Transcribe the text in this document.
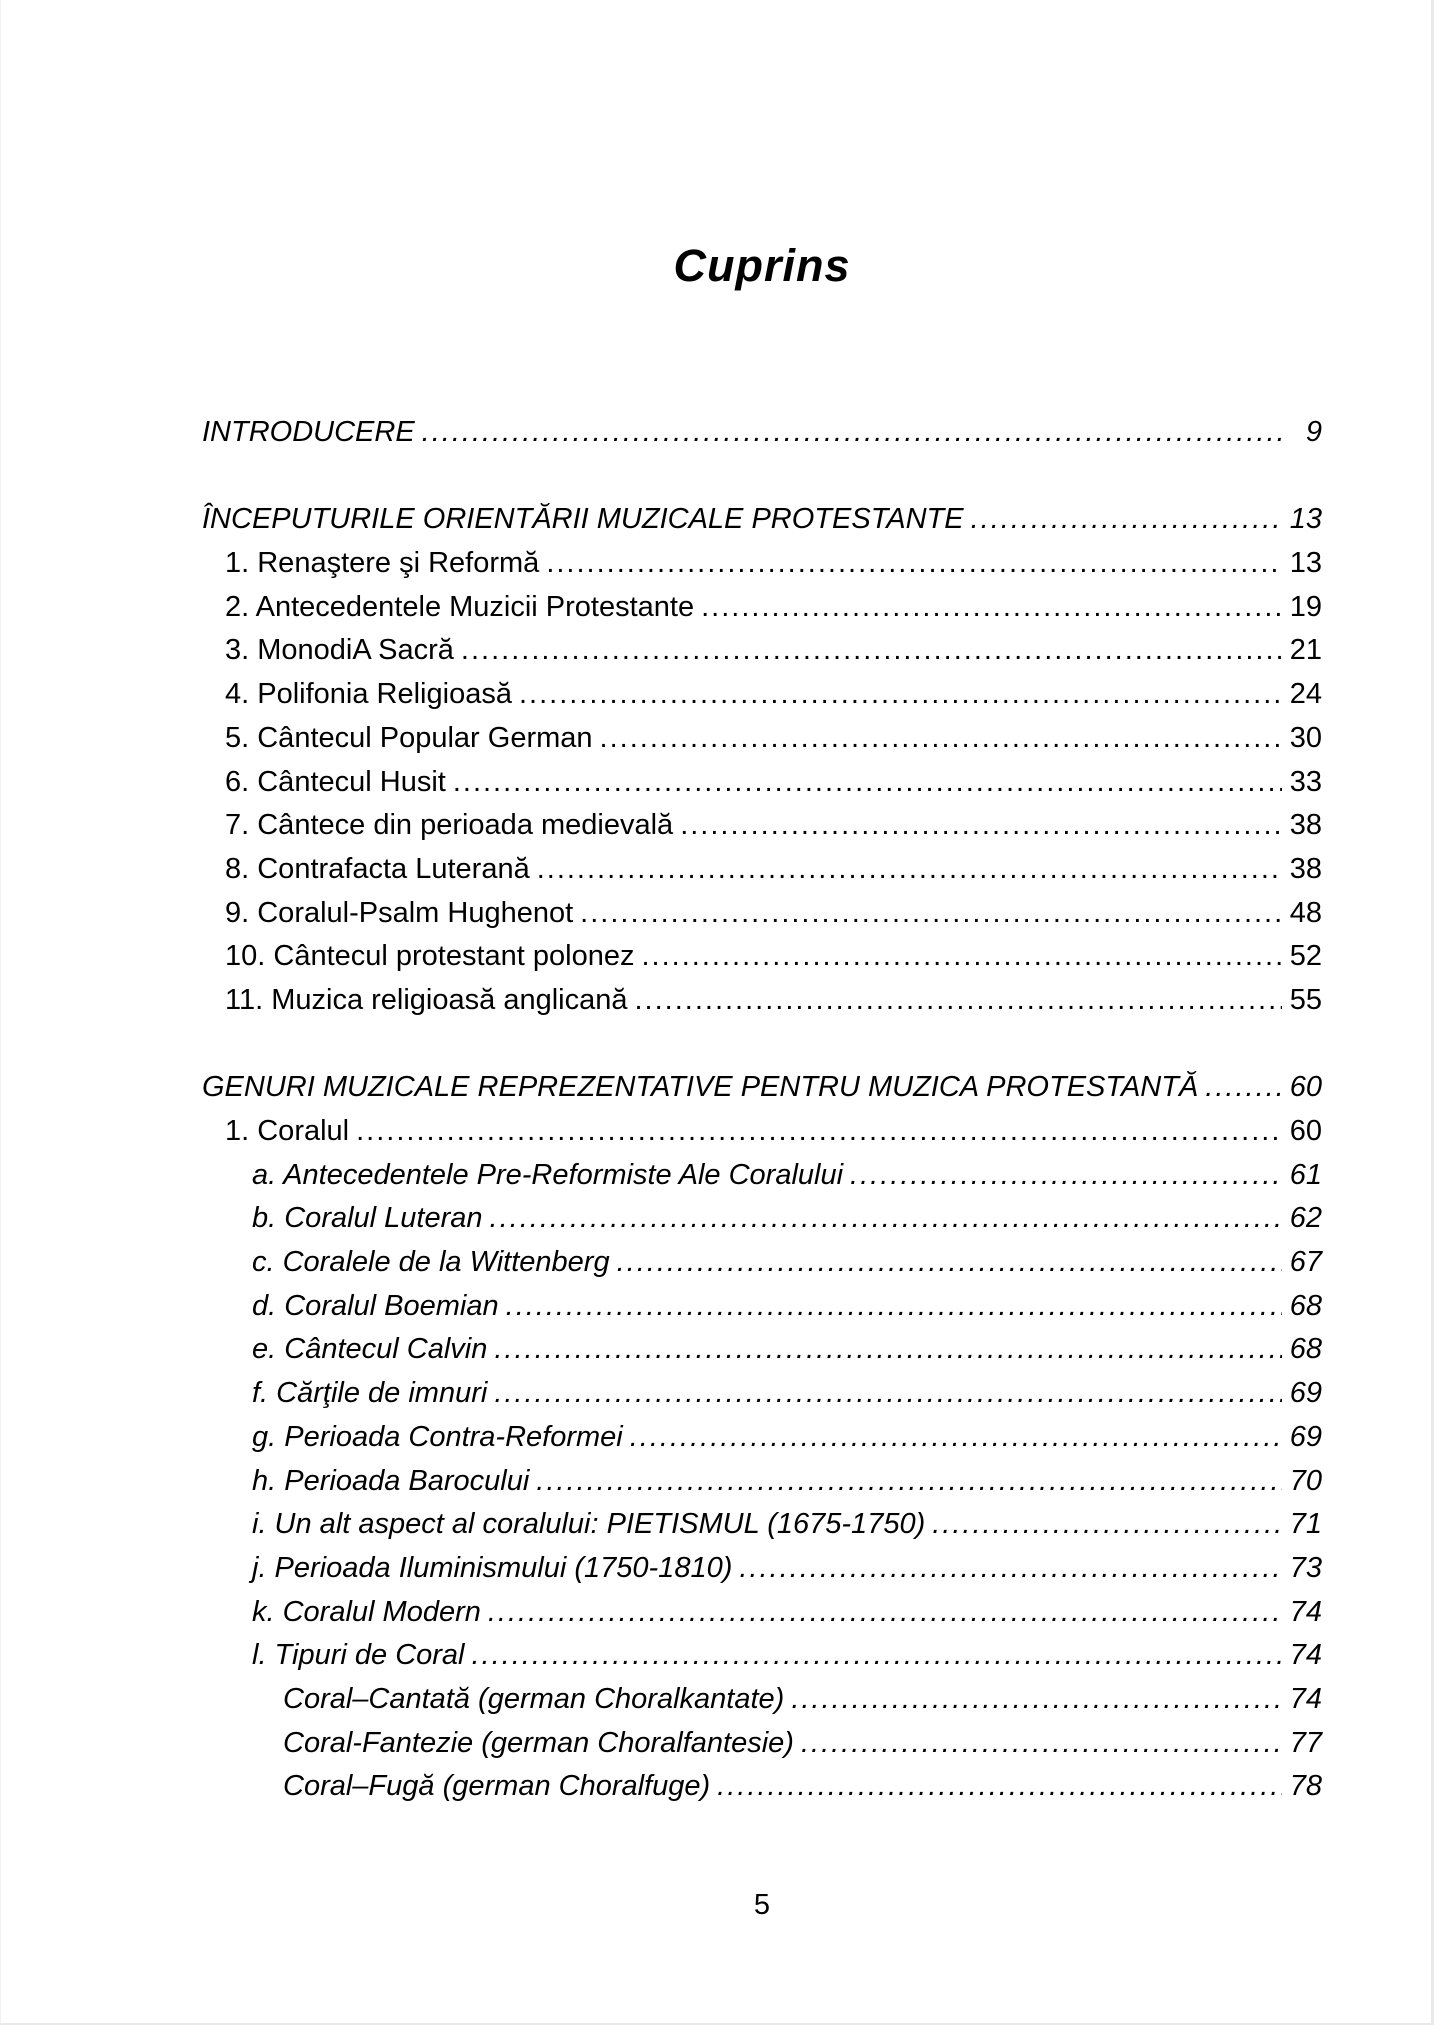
Cuprins
INTRODUCERE .....	9
ÎNCEPUTURILE ORIENTĂRII MUZICALE PROTESTANTE .....	13
1. Renaştere şi Reformă .....	13
2. Antecedentele Muzicii Protestante .....	19
3. MonodiA Sacră .....	21
4. Polifonia Religioasă .....	24
5. Cântecul Popular German .....	30
6. Cântecul Husit .....	33
7. Cântece din perioada medievală .....	38
8. Contrafacta Luterană .....	38
9. Coralul-Psalm Hughenot .....	48
10. Cântecul protestant polonez .....	52
11. Muzica religioasă anglicană .....	55
GENURI MUZICALE REPREZENTATIVE PENTRU MUZICA PROTESTANTĂ .....	60
1. Coralul .....	60
a. Antecedentele Pre-Reformiste Ale Coralului .....	61
b. Coralul Luteran .....	62
c. Coralele de la Wittenberg .....	67
d. Coralul Boemian .....	68
e. Cântecul Calvin .....	68
f. Cărţile de imnuri .....	69
g. Perioada Contra-Reformei .....	69
h. Perioada Barocului .....	70
i. Un alt aspect al coralului: PIETISMUL (1675-1750) .....	71
j. Perioada Iluminismului (1750-1810) .....	73
k. Coralul Modern .....	74
l. Tipuri de Coral .....	74
Coral–Cantată (german Choralkantate) .....	74
Coral-Fantezie (german Choralfantesie) .....	77
Coral–Fugă (german Choralfuge) .....	78
5
